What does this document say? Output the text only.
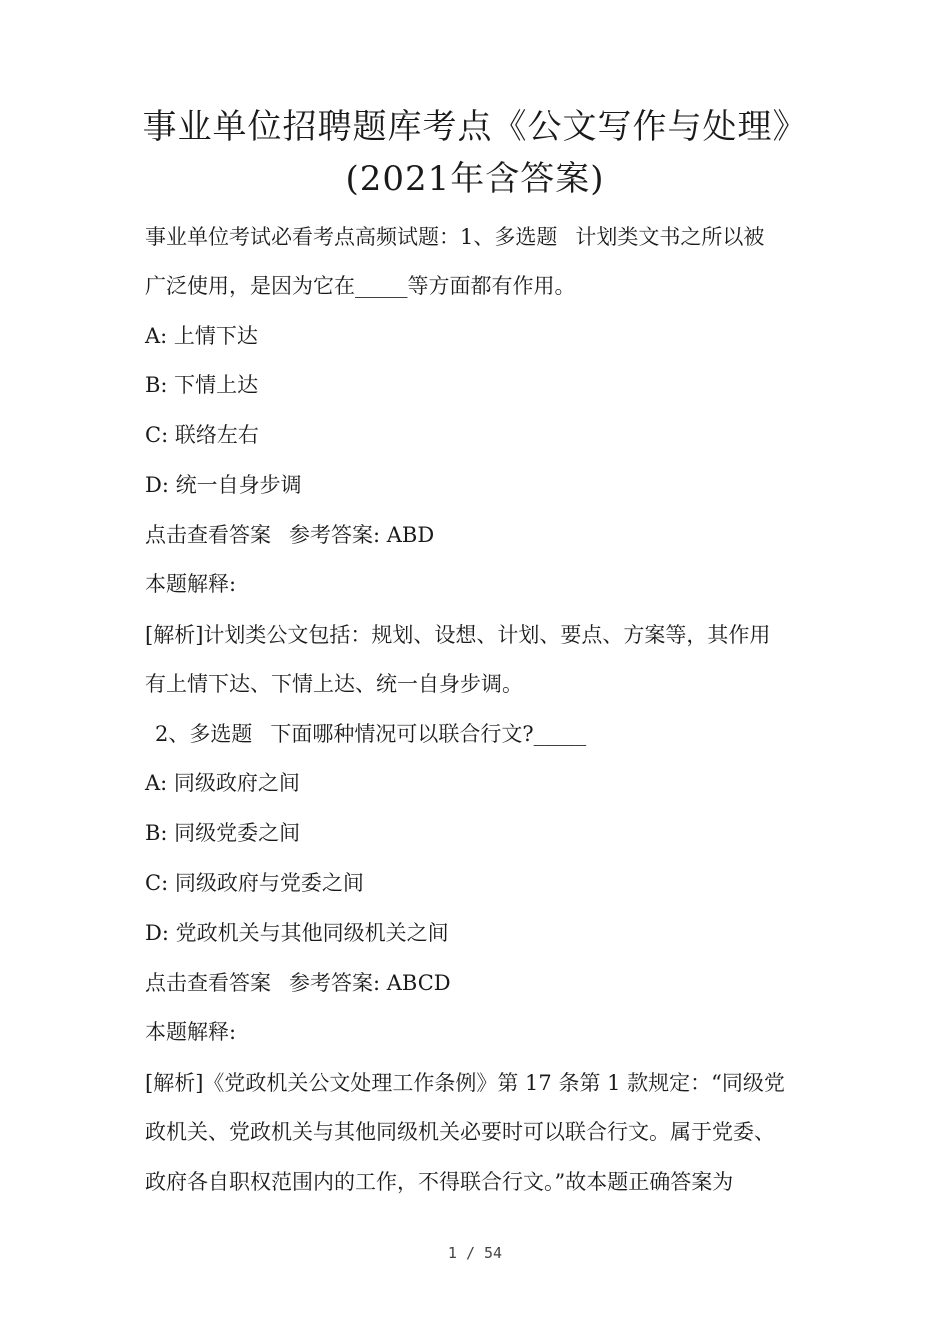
事业单位招聘题库考点《公文写作与处理》
(2021年含答案)
事业单位考试必看考点高频试题：1、多选题 计划类文书之所以被
广泛使用，是因为它在_____等方面都有作用。
A: 上情下达
B: 下情上达
C: 联络左右
D: 统一自身步调
点击查看答案 参考答案: ABD
本题解释:
[解析]计划类公文包括：规划、设想、计划、要点、方案等，其作用
有上情下达、下情上达、统一自身步调。
2、多选题 下面哪种情况可以联合行文?_____
A: 同级政府之间
B: 同级党委之间
C: 同级政府与党委之间
D: 党政机关与其他同级机关之间
点击查看答案 参考答案: ABCD
本题解释:
[解析]《党政机关公文处理工作条例》第 17 条第 1 款规定：“同级党
政机关、党政机关与其他同级机关必要时可以联合行文。属于党委、
政府各自职权范围内的工作，不得联合行文。”故本题正确答案为
1 / 54
